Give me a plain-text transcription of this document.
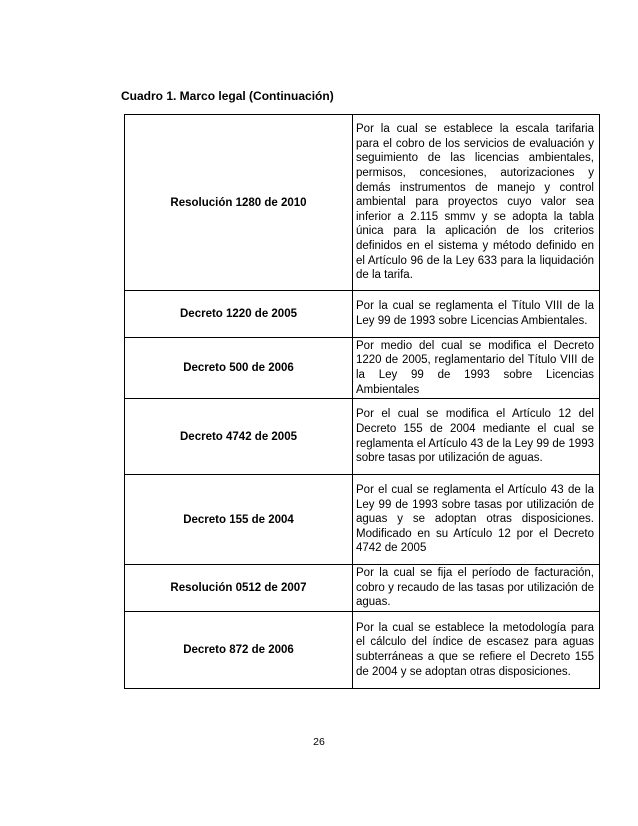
Cuadro 1. Marco legal (Continuación)
Resolución 1280 de 2010	Por la cual se establece la escala tarifaria para el cobro de los servicios de evaluación y seguimiento de las licencias ambientales, permisos, concesiones, autorizaciones y demás instrumentos de manejo y control ambiental para proyectos cuyo valor sea inferior a 2.115 smmv y se adopta la tabla única para la aplicación de los criterios definidos en el sistema y método definido en el Artículo 96 de la Ley 633 para la liquidación de la tarifa.
Decreto 1220 de 2005	Por la cual se reglamenta el Título VIII de la Ley 99 de 1993 sobre Licencias Ambientales.
Decreto 500 de 2006	Por medio del cual se modifica el Decreto 1220 de 2005, reglamentario del Título VIII de la Ley 99 de 1993 sobre Licencias Ambientales
Decreto 4742 de 2005	Por el cual se modifica el Artículo 12 del Decreto 155 de 2004 mediante el cual se reglamenta el Artículo 43 de la Ley 99 de 1993 sobre tasas por utilización de aguas.
Decreto 155 de 2004	Por el cual se reglamenta el Artículo 43 de la Ley 99 de 1993 sobre tasas por utilización de aguas y se adoptan otras disposiciones. Modificado en su Artículo 12 por el Decreto 4742 de 2005
Resolución 0512 de 2007	Por la cual se fija el período de facturación, cobro y recaudo de las tasas por utilización de aguas.
Decreto 872 de 2006	Por la cual se establece la metodología para el cálculo del índice de escasez para aguas subterráneas a que se refiere el Decreto 155 de 2004 y se adoptan otras disposiciones.
26
